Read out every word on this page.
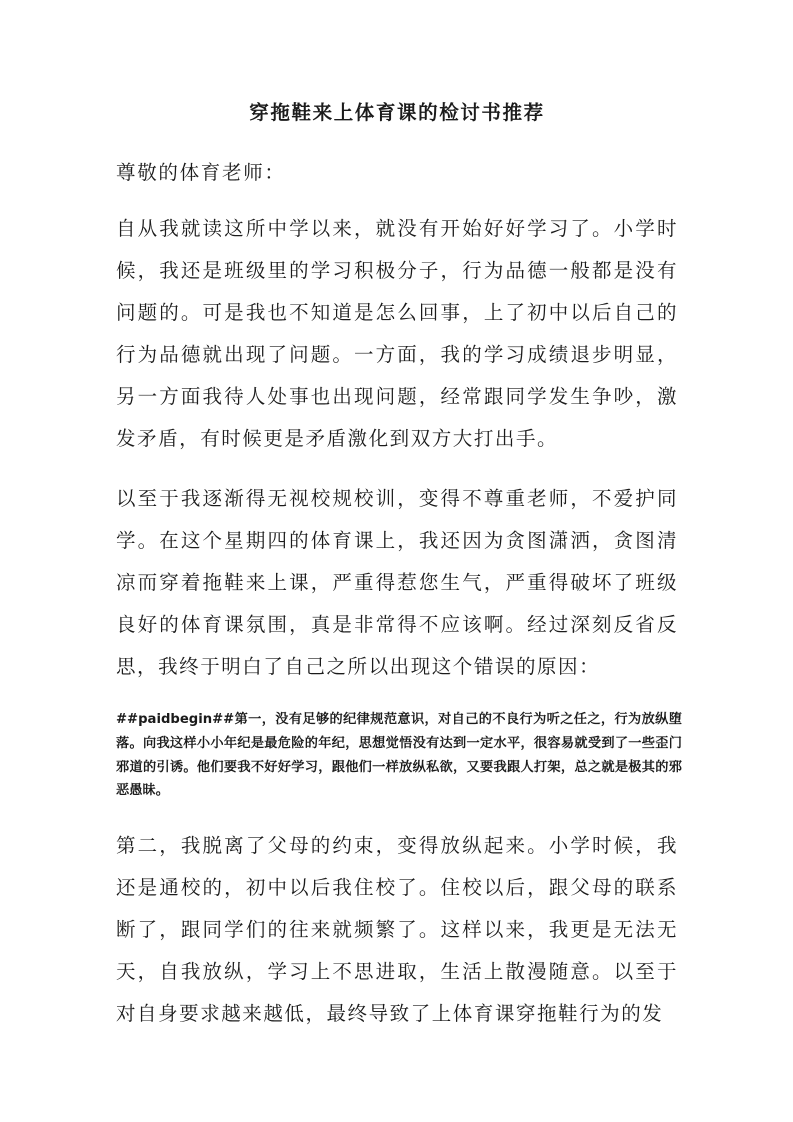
穿拖鞋来上体育课的检讨书推荐

尊敬的体育老师：

自从我就读这所中学以来，就没有开始好好学习了。小学时候，我还是班级里的学习积极分子，行为品德一般都是没有问题的。可是我也不知道是怎么回事，上了初中以后自己的行为品德就出现了问题。一方面，我的学习成绩退步明显，另一方面我待人处事也出现问题，经常跟同学发生争吵，激发矛盾，有时候更是矛盾激化到双方大打出手。

以至于我逐渐得无视校规校训，变得不尊重老师，不爱护同学。在这个星期四的体育课上，我还因为贪图潇洒，贪图清凉而穿着拖鞋来上课，严重得惹您生气，严重得破坏了班级良好的体育课氛围，真是非常得不应该啊。经过深刻反省反思，我终于明白了自己之所以出现这个错误的原因：

##paidbegin##第一，没有足够的纪律规范意识，对自己的不良行为听之任之，行为放纵堕落。向我这样小小年纪是最危险的年纪，思想觉悟没有达到一定水平，很容易就受到了一些歪门邪道的引诱。他们要我不好好学习，跟他们一样放纵私欲，又要我跟人打架，总之就是极其的邪恶愚昧。

第二，我脱离了父母的约束，变得放纵起来。小学时候，我还是通校的，初中以后我住校了。住校以后，跟父母的联系断了，跟同学们的往来就频繁了。这样以来，我更是无法无天，自我放纵，学习上不思进取，生活上散漫随意。以至于对自身要求越来越低，最终导致了上体育课穿拖鞋行为的发
